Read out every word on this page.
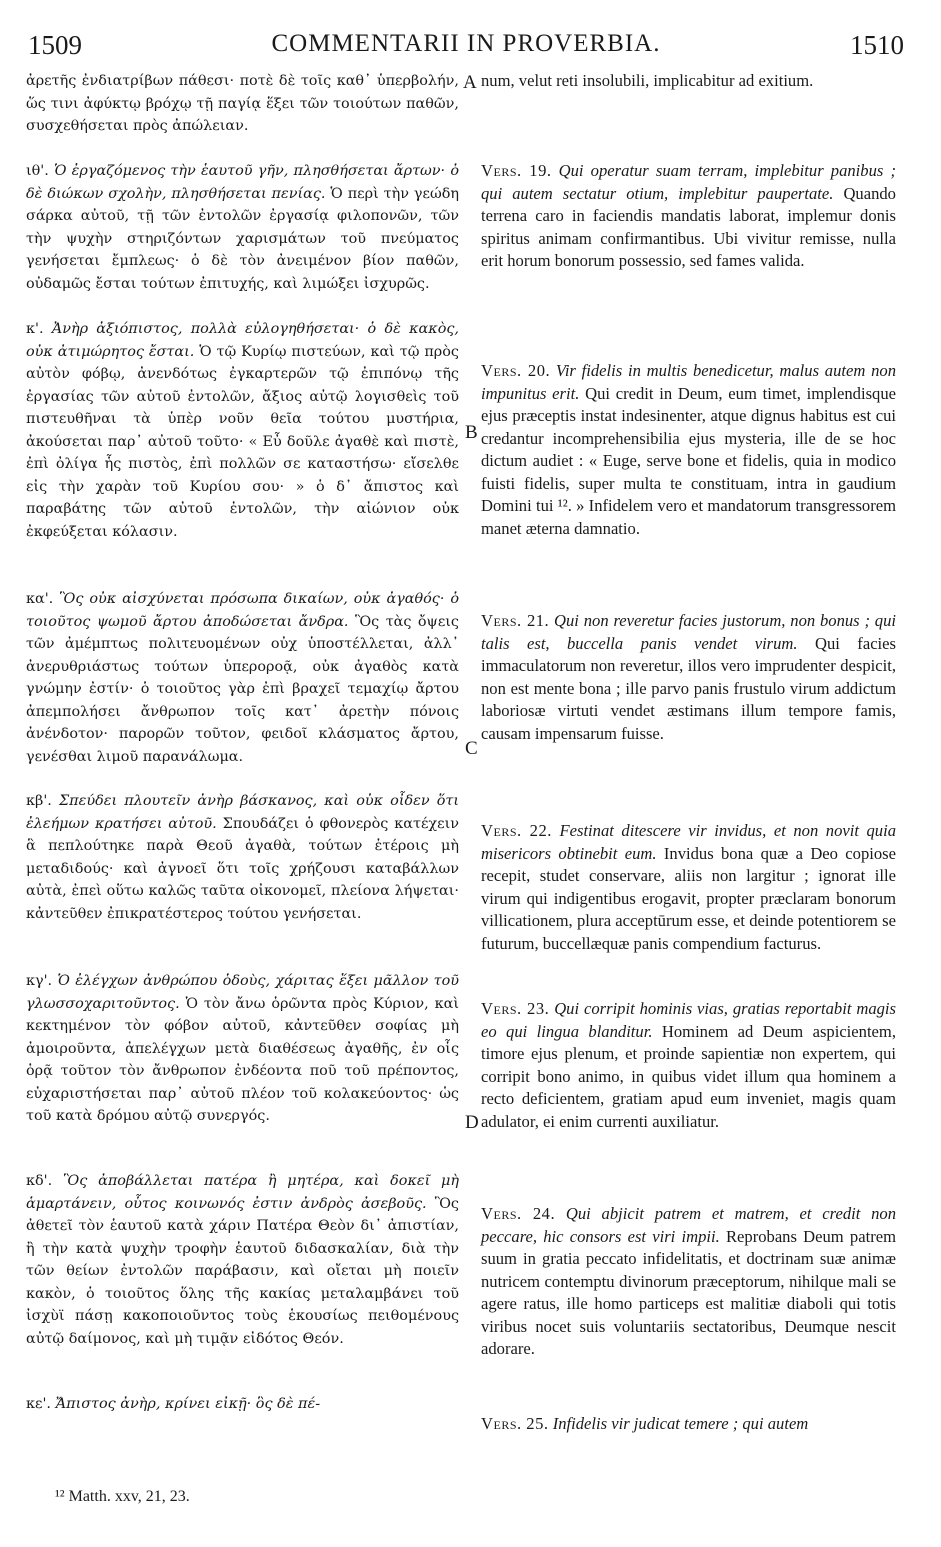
1509	COMMENTARII IN PROVERBIA.	1510

ἀρετῆς ἐνδιατρίβων πάθεσι· ποτὲ δὲ τοῖς καθ᾽ ὑπερβολήν, ὥς τινι ἀφύκτῳ βρόχῳ τῇ παγίᾳ ἕξει τῶν τοιούτων παθῶν, συσχεθήσεται πρὸς ἀπώλειαν.

ιθ'. Ὁ ἐργαζόμενος τὴν ἑαυτοῦ γῆν, πλησθήσεται ἄρτων· ὁ δὲ διώκων σχολὴν, πλησθήσεται πενίας. Ὁ περὶ τὴν γεώδη σάρκα αὐτοῦ, τῇ τῶν ἐντολῶν ἐργασίᾳ φιλοπονῶν, τῶν τὴν ψυχὴν στηριζόντων χαρισμάτων τοῦ πνεύματος γενήσεται ἔμπλεως· ὁ δὲ τὸν ἀνειμένον βίον παθῶν, οὐδαμῶς ἔσται τούτων ἐπιτυχής, καὶ λιμώξει ἰσχυρῶς.

κ'. Ἀνὴρ ἀξιόπιστος, πολλὰ εὐλογηθήσεται· ὁ δὲ κακὸς, οὐκ ἀτιμώρητος ἔσται. Ὁ τῷ Κυρίῳ πιστεύων, καὶ τῷ πρὸς αὐτὸν φόβῳ, ἀνενδότως ἐγκαρτερῶν τῷ ἐπιπόνῳ τῆς ἐργασίας τῶν αὐτοῦ ἐντολῶν, ἄξιος αὐτῷ λογισθεὶς τοῦ πιστευθῆναι τὰ ὑπὲρ νοῦν θεῖα τούτου μυστήρια, ἀκούσεται παρ᾽ αὐτοῦ τοῦτο· « Εὖ δοῦλε ἀγαθὲ καὶ πιστὲ, ἐπὶ ὀλίγα ἧς πιστὸς, ἐπὶ πολλῶν σε καταστήσω· εἴσελθε εἰς τὴν χαρὰν τοῦ Κυρίου σου· » ὁ δ᾽ ἄπιστος καὶ παραβάτης τῶν αὐτοῦ ἐντολῶν, τὴν αἰώνιον οὐκ ἐκφεύξεται κόλασιν.

κα'. Ὃς οὐκ αἰσχύνεται πρόσωπα δικαίων, οὐκ ἀγαθός· ὁ τοιοῦτος ψωμοῦ ἄρτου ἀποδώσεται ἄνδρα. Ὃς τὰς ὄψεις τῶν ἀμέμπτως πολιτευομένων οὐχ ὑποστέλλεται, ἀλλ᾽ ἀνερυθριάστως τούτων ὑπεροροᾷ, οὐκ ἀγαθὸς κατὰ γνώμην ἐστίν· ὁ τοιοῦτος γὰρ ἐπὶ βραχεῖ τεμαχίῳ ἄρτου ἀπεμπολήσει ἄνθρωπον τοῖς κατ᾽ ἀρετὴν πόνοις ἀνένδοτον· παρορῶν τοῦτον, φειδοῖ κλάσματος ἄρτου, γενέσθαι λιμοῦ παρανάλωμα.

κβ'. Σπεύδει πλουτεῖν ἀνὴρ βάσκανος, καὶ οὐκ οἶδεν ὅτι ἐλεήμων κρατήσει αὐτοῦ. Σπουδάζει ὁ φθονερὸς κατέχειν ἃ πεπλούτηκε παρὰ Θεοῦ ἀγαθὰ, τούτων ἑτέροις μὴ μεταδιδούς· καὶ ἀγνοεῖ ὅτι τοῖς χρήζουσι καταβάλλων αὐτὰ, ἐπεὶ οὕτω καλῶς ταῦτα οἰκονομεῖ, πλείονα λήψεται· κἀντεῦθεν ἐπικρατέστερος τούτου γενήσεται.

κγ'. Ὁ ἐλέγχων ἀνθρώπου ὁδοὺς, χάριτας ἕξει μᾶλλον τοῦ γλωσσοχαριτοῦντος. Ὁ τὸν ἄνω ὁρῶντα πρὸς Κύριον, καὶ κεκτημένον τὸν φόβον αὐτοῦ, κἀντεῦθεν σοφίας μὴ ἀμοιροῦντα, ἀπελέγχων μετὰ διαθέσεως ἀγαθῆς, ἐν οἷς ὁρᾷ τοῦτον τὸν ἄνθρωπον ἐνδέοντα ποῦ τοῦ πρέποντος, εὐχαριστήσεται παρ᾽ αὐτοῦ πλέον τοῦ κολακεύοντος· ὡς τοῦ κατὰ δρόμου αὐτῷ συνεργός.

κδ'. Ὃς ἀποβάλλεται πατέρα ἢ μητέρα, καὶ δοκεῖ μὴ ἁμαρτάνειν, οὗτος κοινωνός ἐστιν ἀνδρὸς ἀσεβοῦς. Ὃς ἀθετεῖ τὸν ἑαυτοῦ κατὰ χάριν Πατέρα Θεὸν δι᾽ ἀπιστίαν, ἢ τὴν κατὰ ψυχὴν τροφὴν ἑαυτοῦ διδασκαλίαν, διὰ τὴν τῶν θείων ἐντολῶν παράβασιν, καὶ οἴεται μὴ ποιεῖν κακὸν, ὁ τοιοῦτος ὅλης τῆς κακίας μεταλαμβάνει τοῦ ἰσχὺϊ πάσῃ κακοποιοῦντος τοὺς ἑκουσίως πειθομένους αὐτῷ δαίμονος, καὶ μὴ τιμᾷν εἰδότος Θεόν.

κε'. Ἄπιστος ἀνὴρ, κρίνει εἰκῇ· ὃς δὲ πέ-

A
B
C
D

num, velut reti insolubili, implicabitur ad exitium.

Vers. 19. Qui operatur suam terram, implebitur panibus ; qui autem sectatur otium, implebitur paupertate. Quando terrena caro in faciendis mandatis laborat, implemur donis spiritus animam confirmantibus. Ubi vivitur remisse, nulla erit horum bonorum possessio, sed fames valida.

Vers. 20. Vir fidelis in multis benedicetur, malus autem non impunitus erit. Qui credit in Deum, eum timet, implendisque ejus præceptis instat indesinenter, atque dignus habitus est cui credantur incomprehensibilia ejus mysteria, ille de se hoc dictum audiet : « Euge, serve bone et fidelis, quia in modico fuisti fidelis, super multa te constituam, intra in gaudium Domini tui ¹². » Infidelem vero et mandatorum transgressorem manet æterna damnatio.

Vers. 21. Qui non reveretur facies justorum, non bonus ; qui talis est, buccella panis vendet virum. Qui facies immaculatorum non reveretur, illos vero imprudenter despicit, non est mente bona ; ille parvo panis frustulo virum addictum laboriosæ virtuti vendet æstimans illum tempore famis, causam impensarum fuisse.

Vers. 22. Festinat ditescere vir invidus, et non novit quia misericors obtinebit eum. Invidus bona quæ a Deo copiose recepit, studet conservare, aliis non largitur ; ignorat ille virum qui indigentibus erogavit, propter præclaram bonorum villicationem, plura acceptūrum esse, et deinde potentiorem se futurum, buccellæquæ panis compendium facturus.

Vers. 23. Qui corripit hominis vias, gratias reportabit magis eo qui lingua blanditur. Hominem ad Deum aspicientem, timore ejus plenum, et proinde sapientiæ non expertem, qui corripit bono animo, in quibus videt illum qua hominem a recto deficientem, gratiam apud eum inveniet, magis quam adulator, ei enim currenti auxiliatur.

Vers. 24. Qui abjicit patrem et matrem, et credit non peccare, hic consors est viri impii. Reprobans Deum patrem suum in gratia peccato infidelitatis, et doctrinam suæ animæ nutricem contemptu divinorum præceptorum, nihilque mali se agere ratus, ille homo particeps est malitiæ diaboli qui totis viribus nocet suis voluntariis sectatoribus, Deumque nescit adorare.

Vers. 25. Infidelis vir judicat temere ; qui autem

¹² Matth. xxv, 21, 23.
